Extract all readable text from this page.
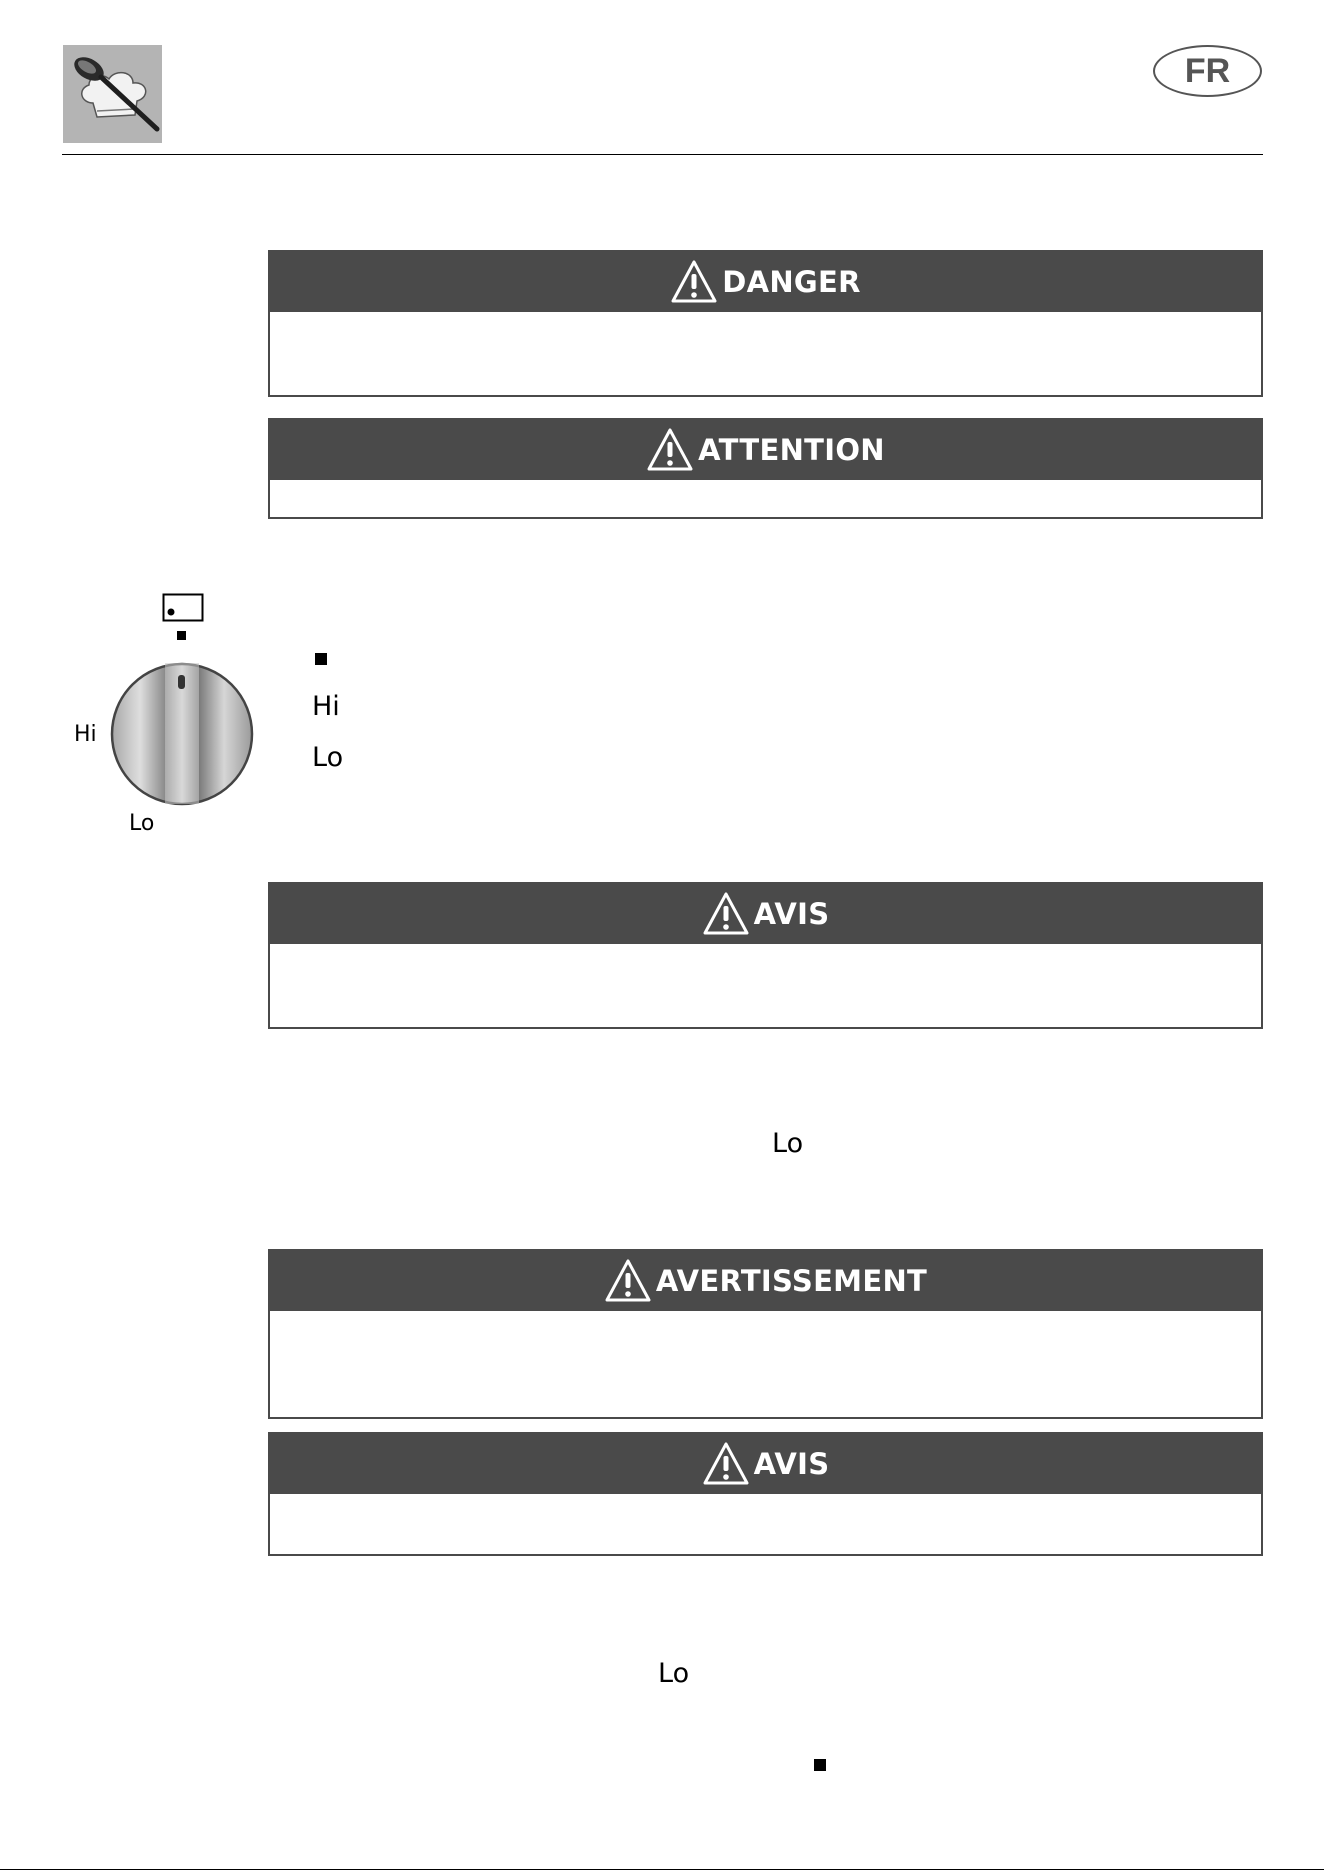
FR
DANGER
ATTENTION
Hi
Lo
Hi
Lo
AVIS
Lo
AVERTISSEMENT
AVIS
Lo
